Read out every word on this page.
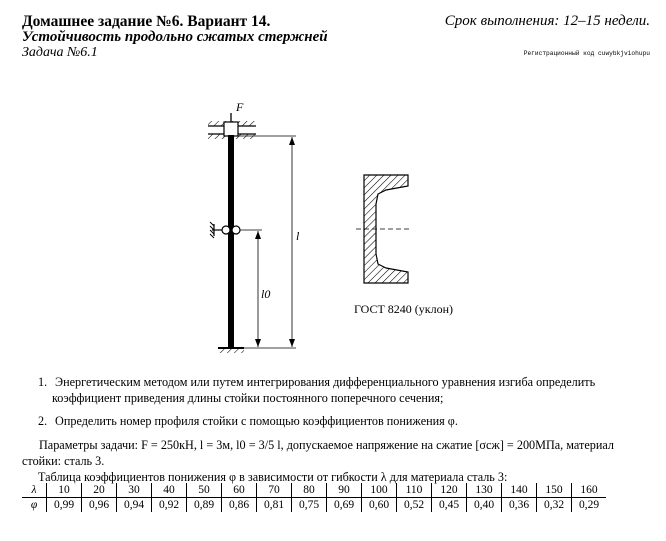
Домашнее задание №6. Вариант 14.	Срок выполнения: 12–15 недели.
Устойчивость продольно сжатых стержней
Задача №6.1	Регистрационный код cuwybkjviohupu
F
l
l0
ГОСТ 8240 (уклон)
1. Энергетическим методом или путем интегрирования дифференциального уравнения изгиба определить
коэффициент приведения длины стойки постоянного поперечного сечения;
2. Определить номер профиля стойки с помощью коэффициентов понижения φ.
Параметры задачи: F = 250кН, l = 3м, l0 = 3/5 l, допускаемое напряжение на сжатие [σсж] = 200МПа, материал
стойки: сталь 3.
Таблица коэффициентов понижения φ в зависимости от гибкости λ для материала сталь 3:
λ	10	20	30	40	50	60	70	80	90	100	110	120	130	140	150	160
φ	0,99	0,96	0,94	0,92	0,89	0,86	0,81	0,75	0,69	0,60	0,52	0,45	0,40	0,36	0,32	0,29
